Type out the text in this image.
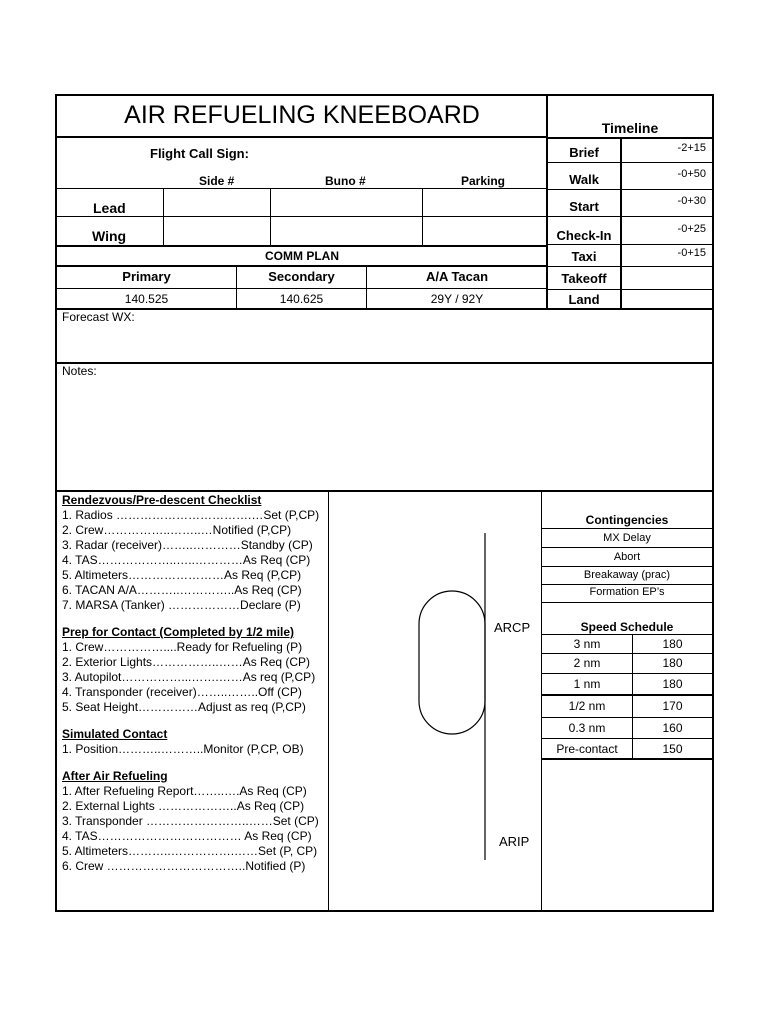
AIR REFUELING KNEEBOARD	Timeline
Brief	-2+15
Walk	-0+50
Start	-0+30
Check-In	-0+25
Taxi	-0+15
Takeoff
Land
Flight Call Sign:
Side #	Buno #	Parking
Lead
Wing
COMM PLAN
Primary	Secondary	A/A Tacan
140.525	140.625	29Y / 92Y
Forecast WX:
Notes:
Rendezvous/Pre-descent Checklist
1. Radios …………………………….…Set (P,CP)
2. Crew……………..……..…Notified (P,CP)
3. Radar (receiver)……..…………Standby (CP)
4. TAS………………..…..…………As Req (CP)
5. Altimeters……………………As Req (P,CP)
6. TACAN A/A………..…………..As Req (CP)
7. MARSA (Tanker) ………………Declare (P)
Prep for Contact (Completed by 1/2 mile)
1. Crew……………....Ready for Refueling (P)
2. Exterior Lights……………..……As Req (CP)
3. Autopilot……………...…….……As req (P,CP)
4. Transponder (receiver)……..……..Off (CP)
5. Seat Height……………Adjust as req (P,CP)
Simulated Contact
1. Position………..………..Monitor (P,CP, OB)
After Air Refueling
1. After Refueling Report……..….As Req (CP)
2. External Lights ………………..As Req (CP)
3. Transponder ……………………..……Set (CP)
4. TAS……………………………… As Req (CP)
5. Altimeters………..…………….……Set (P, CP)
6. Crew ……………………………..Notified (P)
ARCP
ARIP
Contingencies
MX Delay
Abort
Breakaway (prac)
Formation EP’s
Speed Schedule
3 nm	180
2 nm	180
1 nm	180
1/2 nm	170
0.3 nm	160
Pre-contact	150
